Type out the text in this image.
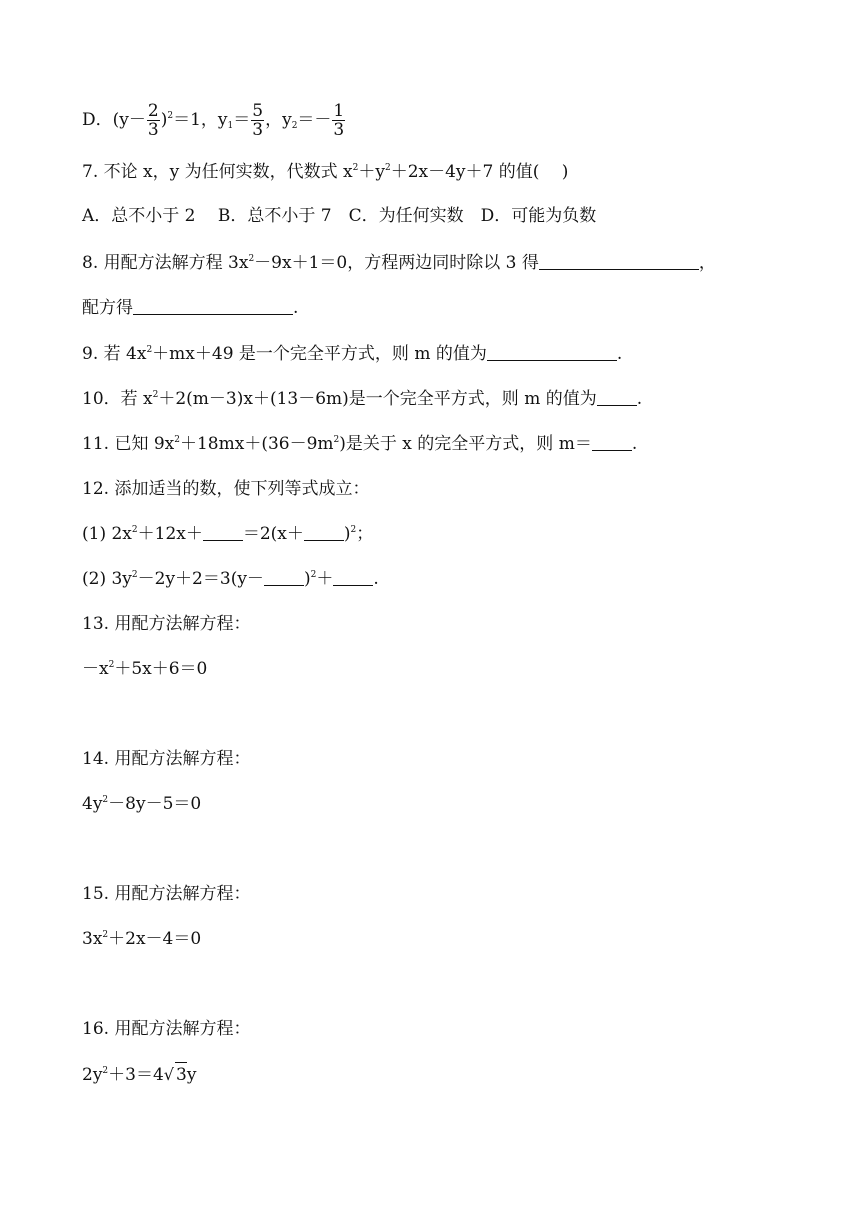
D．$(y- \frac{2}{3} )^2=1$，$y_1= \frac{5}{3}$ ，$y_2=- \frac{1}{3}$
7. 不论 x，y 为任何实数，代数式 $x^2+y^2+2x-4y+7$ 的值(　 )
A．总不小于 2　 B．总不小于 7　C．为任何实数　D．可能为负数
8. 用配方法解方程 $3x^2-9x+1=0$，方程两边同时除以 3 得	，
配方得	.
9. 若 $4x^2+mx+49$ 是一个完全平方式，则 m 的值为	.
10．若 $x^2+2(m-3)x+(13-6m)$是一个完全平方式，则 m 的值为 .
11. 已知 $9x^2+18mx+(36-9m^2)$是关于 x 的完全平方式，则 m＝ .
12. 添加适当的数，使下列等式成立：
(1) $2x^2+12x+ =2(x+ )^2$；
(2) $3y^2-2y+2=3(y- )^2+$ .
13. 用配方法解方程：
$-x^2+5x+6=0$
14. 用配方法解方程：
$4y^2-8y-5=0$
15. 用配方法解方程：
$3x^2+2x-4=0$
16. 用配方法解方程：
$2y^2+3=4√$ 3y
